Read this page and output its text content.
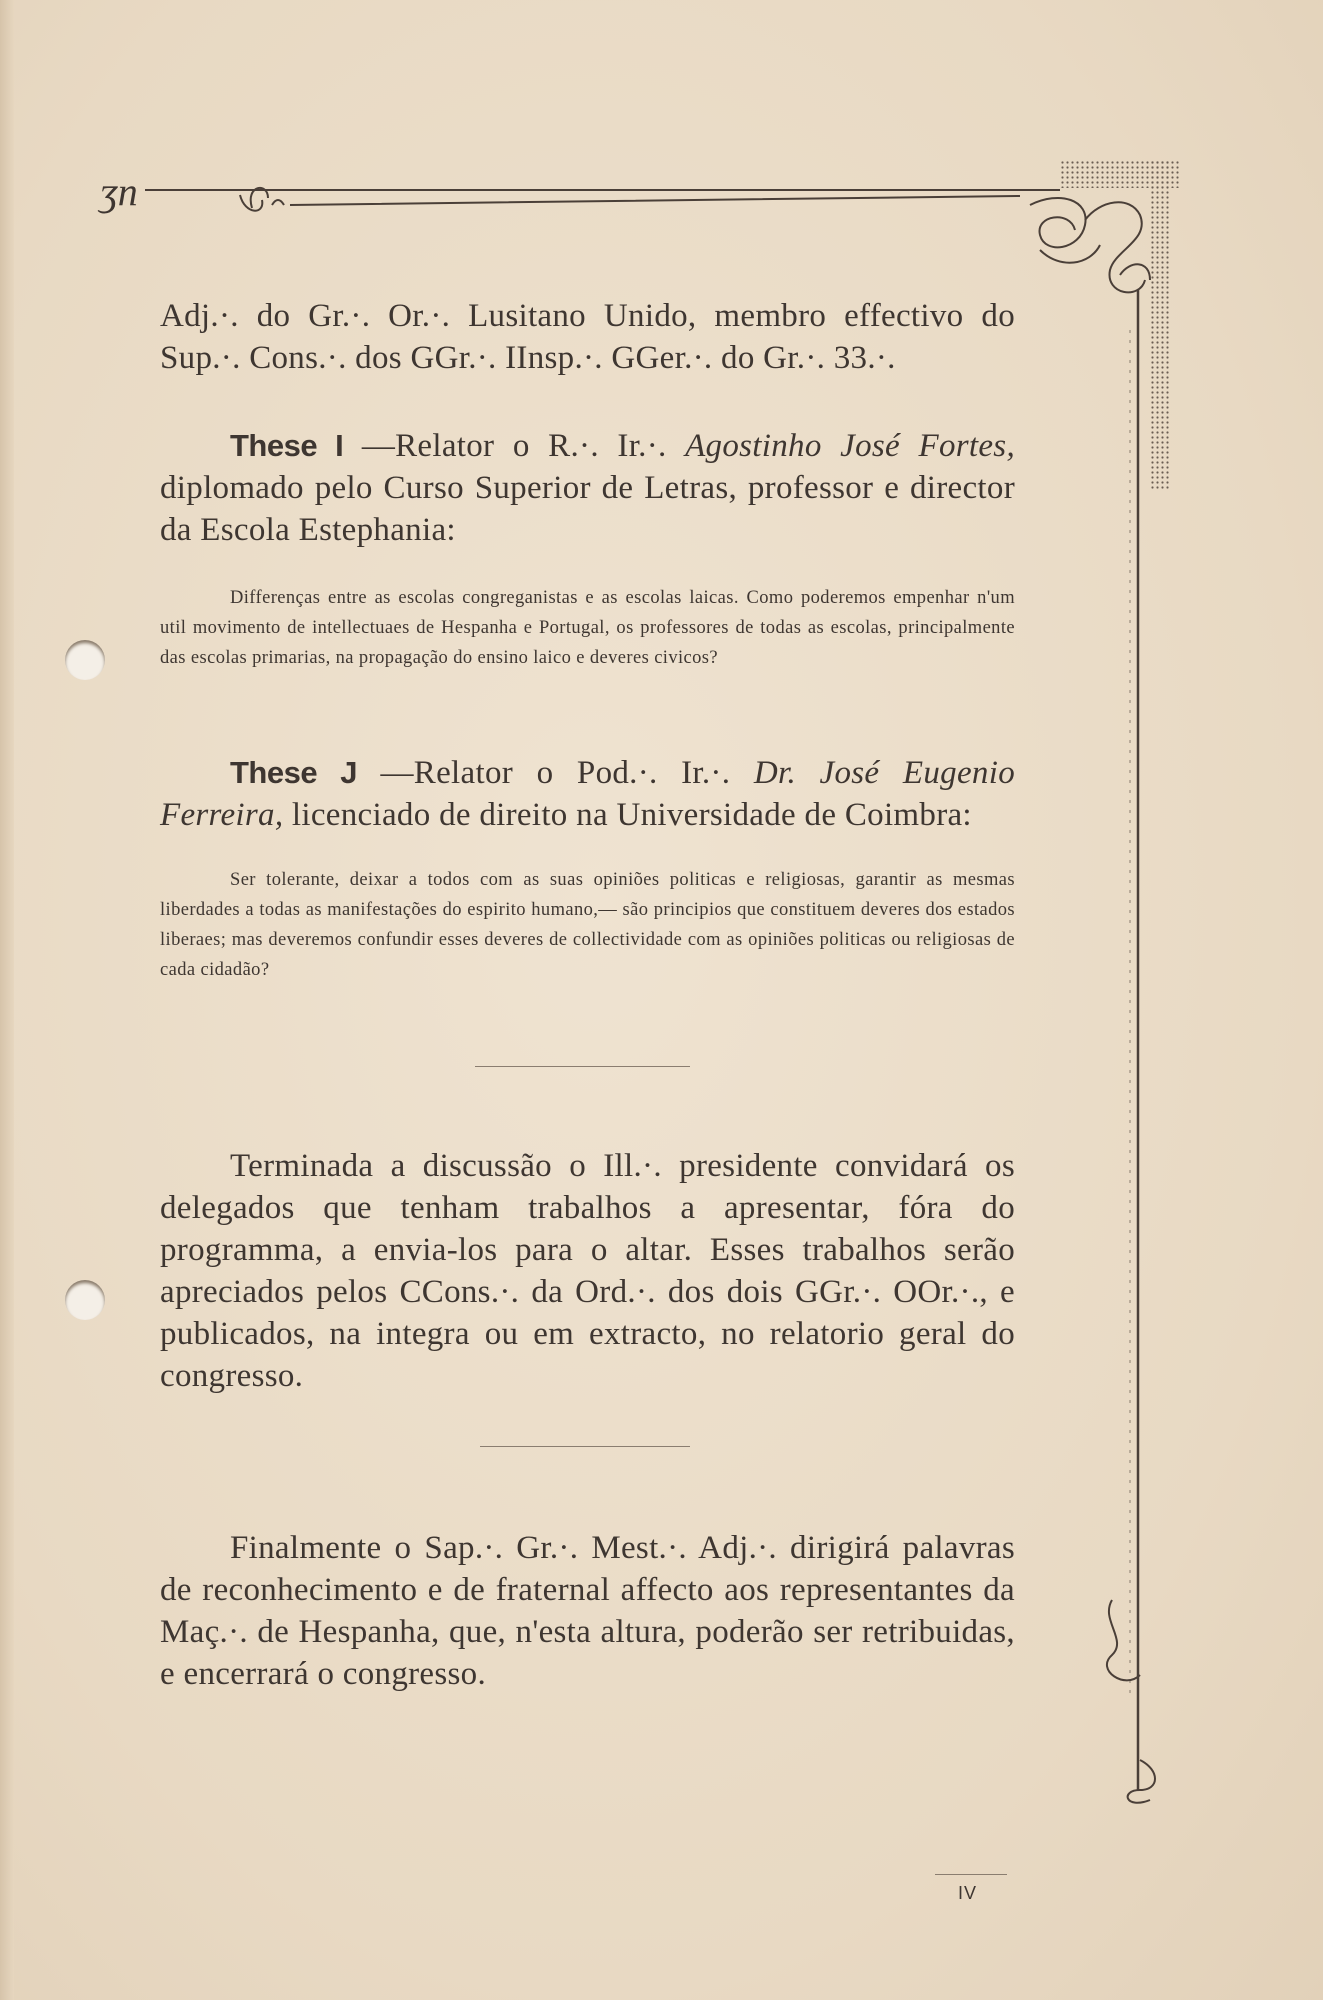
ʒn

Adj.·. do Gr.·. Or.·. Lusitano Unido, membro effectivo do Sup.·. Cons.·. dos GGr.·. IInsp.·. GGer.·. do Gr.·. 33.·.

These I —Relator o R.·. Ir.·. Agostinho José Fortes, diplomado pelo Curso Superior de Letras, professor e director da Escola Estephania:

Differenças entre as escolas congreganistas e as escolas laicas. Como poderemos empenhar n'um util movimento de intellectuaes de Hespanha e Portugal, os professores de todas as escolas, principalmente das escolas primarias, na propagação do ensino laico e deveres civicos?

These J —Relator o Pod.·. Ir.·. Dr. José Eugenio Ferreira, licenciado de direito na Universidade de Coimbra:

Ser tolerante, deixar a todos com as suas opiniões politicas e religiosas, garantir as mesmas liberdades a todas as manifestações do espirito humano,— são principios que constituem deveres dos estados liberaes; mas deveremos confundir esses deveres de collectividade com as opiniões politicas ou religiosas de cada cidadão?

Terminada a discussão o Ill.·. presidente convidará os delegados que tenham trabalhos a apresentar, fóra do programma, a envia-los para o altar. Esses trabalhos serão apreciados pelos CCons.·. da Ord.·. dos dois GGr.·. OOr.·., e publicados, na integra ou em extracto, no relatorio geral do congresso.

Finalmente o Sap.·. Gr.·. Mest.·. Adj.·. dirigirá palavras de reconhecimento e de fraternal affecto aos representantes da Maç.·. de Hespanha, que, n'esta altura, poderão ser retribuidas, e encerrará o congresso.

IV
